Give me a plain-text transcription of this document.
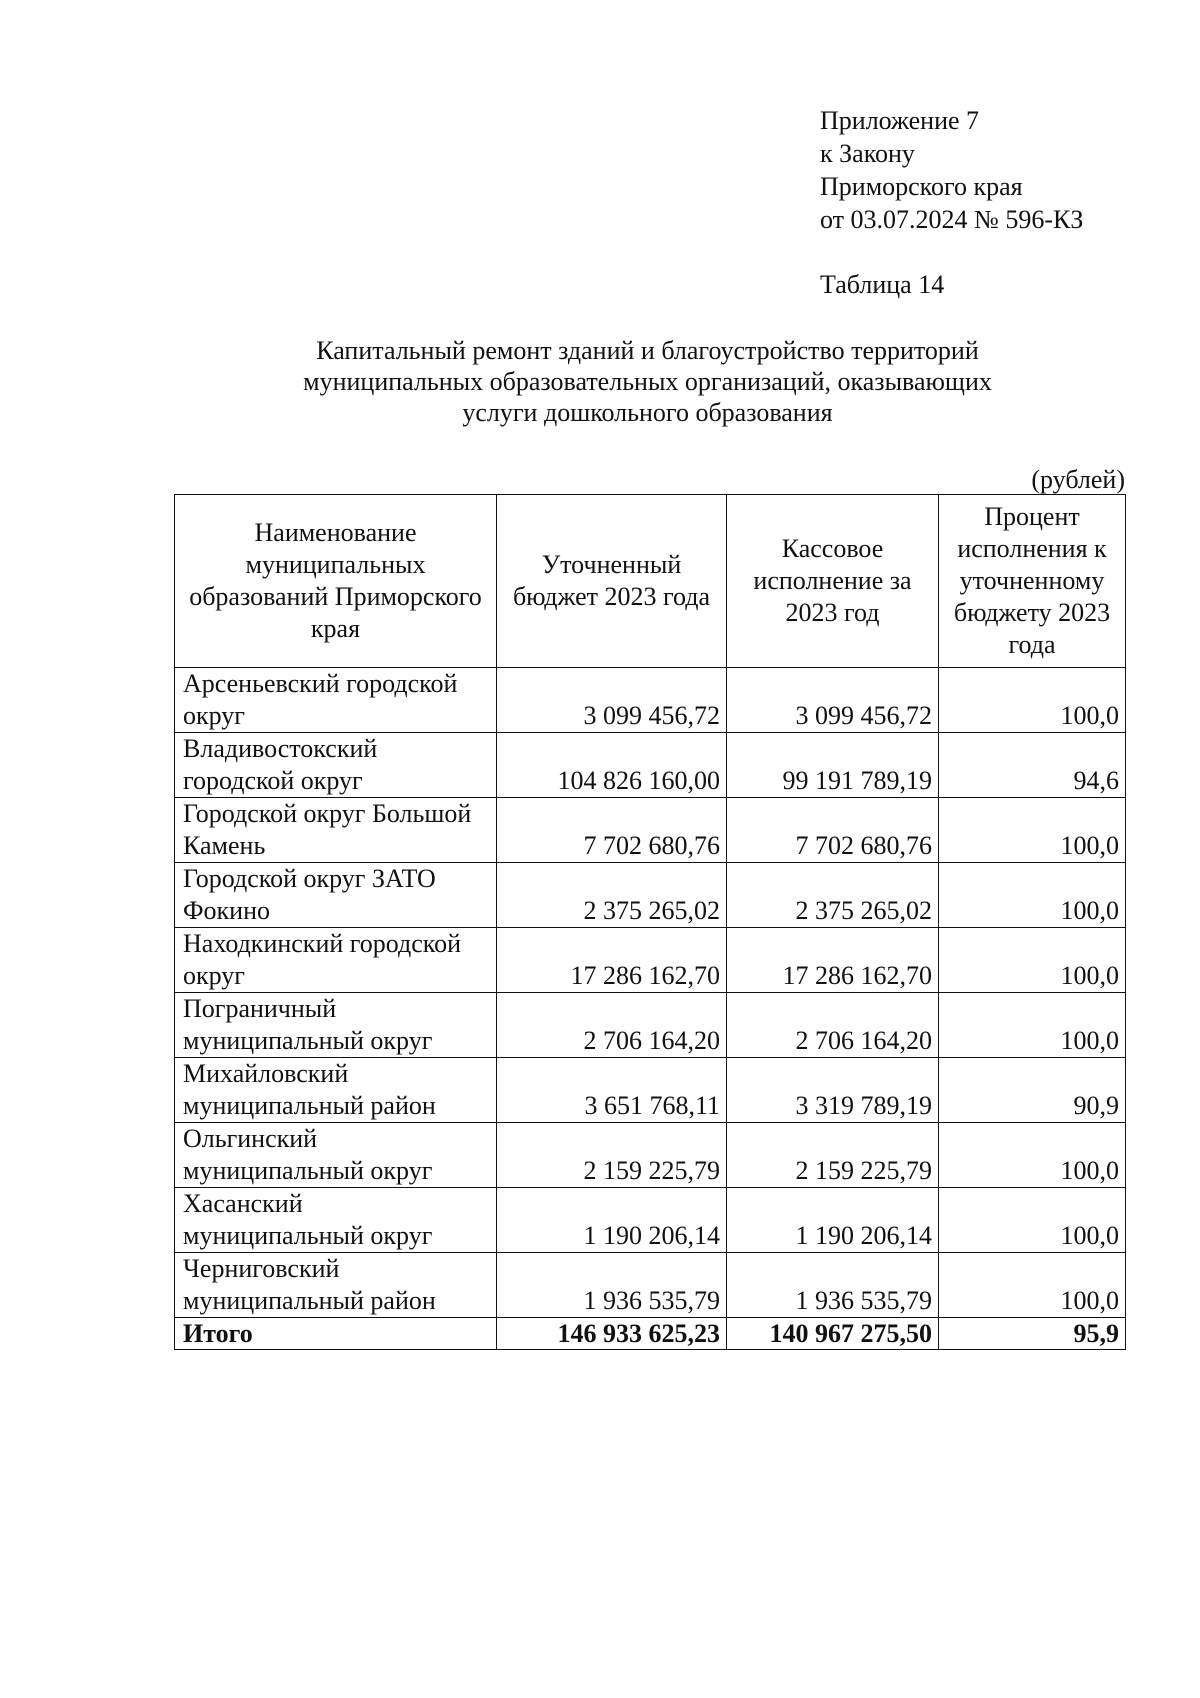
Приложение 7
к Закону
Приморского края
от 03.07.2024 № 596-КЗ
Таблица 14
Капитальный ремонт зданий и благоустройство территорий
муниципальных образовательных организаций, оказывающих
услуги дошкольного образования
(рублей)
Наименование муниципальных образований Приморского края	Уточненный бюджет 2023 года	Кассовое исполнение за 2023 год	Процент исполнения к уточненному бюджету 2023 года
Арсеньевский городской округ	3 099 456,72	3 099 456,72	100,0
Владивостокский городской округ	104 826 160,00	99 191 789,19	94,6
Городской округ Большой Камень	7 702 680,76	7 702 680,76	100,0
Городской округ ЗАТО Фокино	2 375 265,02	2 375 265,02	100,0
Находкинский городской округ	17 286 162,70	17 286 162,70	100,0
Пограничный муниципальный округ	2 706 164,20	2 706 164,20	100,0
Михайловский муниципальный район	3 651 768,11	3 319 789,19	90,9
Ольгинский муниципальный округ	2 159 225,79	2 159 225,79	100,0
Хасанский муниципальный округ	1 190 206,14	1 190 206,14	100,0
Черниговский муниципальный район	1 936 535,79	1 936 535,79	100,0
Итого	146 933 625,23	140 967 275,50	95,9
